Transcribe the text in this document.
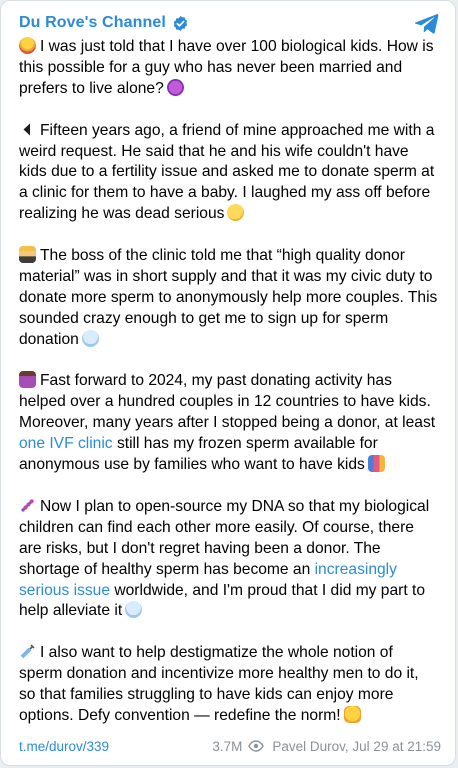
Du Rove's Channel

I was just told that I have over 100 biological kids. How is this possible for a guy who has never been married and prefers to live alone?

Fifteen years ago, a friend of mine approached me with a weird request. He said that he and his wife couldn't have kids due to a fertility issue and asked me to donate sperm at a clinic for them to have a baby. I laughed my ass off before realizing he was dead serious

The boss of the clinic told me that “high quality donor material” was in short supply and that it was my civic duty to donate more sperm to anonymously help more couples. This sounded crazy enough to get me to sign up for sperm donation

Fast forward to 2024, my past donating activity has helped over a hundred couples in 12 countries to have kids. Moreover, many years after I stopped being a donor, at least one IVF clinic still has my frozen sperm available for anonymous use by families who want to have kids

Now I plan to open-source my DNA so that my biological children can find each other more easily. Of course, there are risks, but I don't regret having been a donor. The shortage of healthy sperm has become an increasingly serious issue worldwide, and I'm proud that I did my part to help alleviate it

I also want to help destigmatize the whole notion of sperm donation and incentivize more healthy men to do it, so that families struggling to have kids can enjoy more options. Defy convention — redefine the norm!

t.me/durov/339	3.7M Pavel Durov, Jul 29 at 21:59
